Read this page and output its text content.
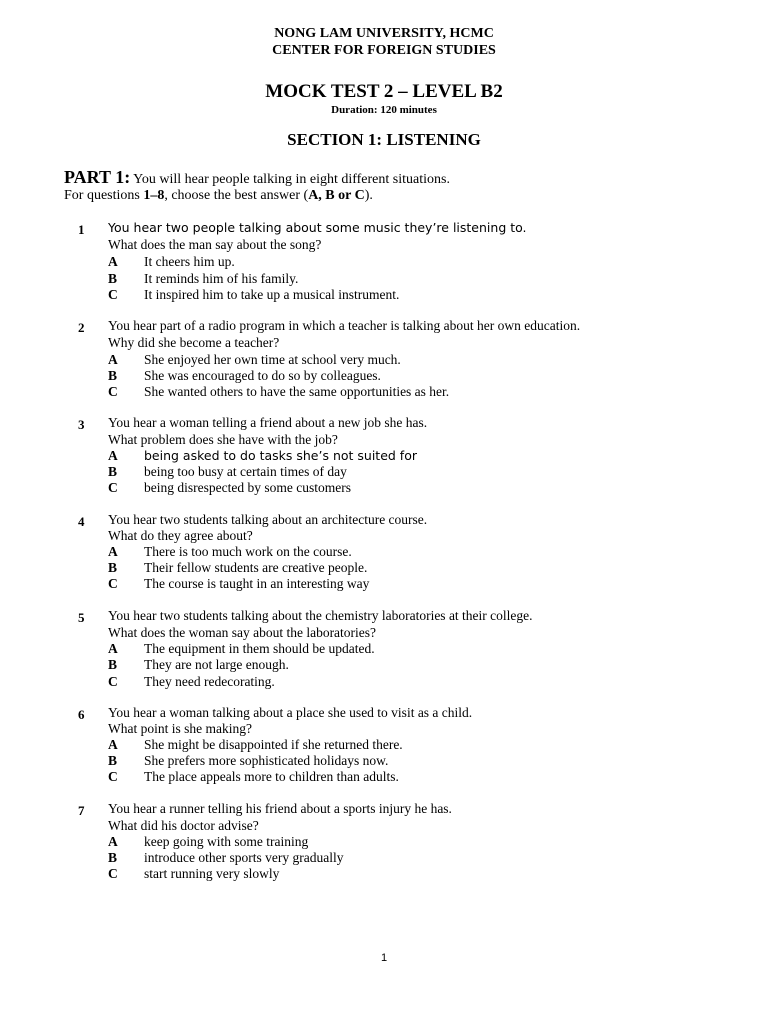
NONG LAM UNIVERSITY, HCMC
CENTER FOR FOREIGN STUDIES
MOCK TEST 2 – LEVEL B2
Duration: 120 minutes
SECTION 1: LISTENING
PART 1: You will hear people talking in eight different situations.
For questions 1–8, choose the best answer (A, B or C).
1 You hear two people talking about some music they’re listening to.
What does the man say about the song?
A It cheers him up.
B It reminds him of his family.
C It inspired him to take up a musical instrument.
2 You hear part of a radio program in which a teacher is talking about her own education.
Why did she become a teacher?
A She enjoyed her own time at school very much.
B She was encouraged to do so by colleagues.
C She wanted others to have the same opportunities as her.
3 You hear a woman telling a friend about a new job she has.
What problem does she have with the job?
A being asked to do tasks she’s not suited for
B being too busy at certain times of day
C being disrespected by some customers
4 You hear two students talking about an architecture course.
What do they agree about?
A There is too much work on the course.
B Their fellow students are creative people.
C The course is taught in an interesting way
5 You hear two students talking about the chemistry laboratories at their college.
What does the woman say about the laboratories?
A The equipment in them should be updated.
B They are not large enough.
C They need redecorating.
6 You hear a woman talking about a place she used to visit as a child.
What point is she making?
A She might be disappointed if she returned there.
B She prefers more sophisticated holidays now.
C The place appeals more to children than adults.
7 You hear a runner telling his friend about a sports injury he has.
What did his doctor advise?
A keep going with some training
B introduce other sports very gradually
C start running very slowly
1
